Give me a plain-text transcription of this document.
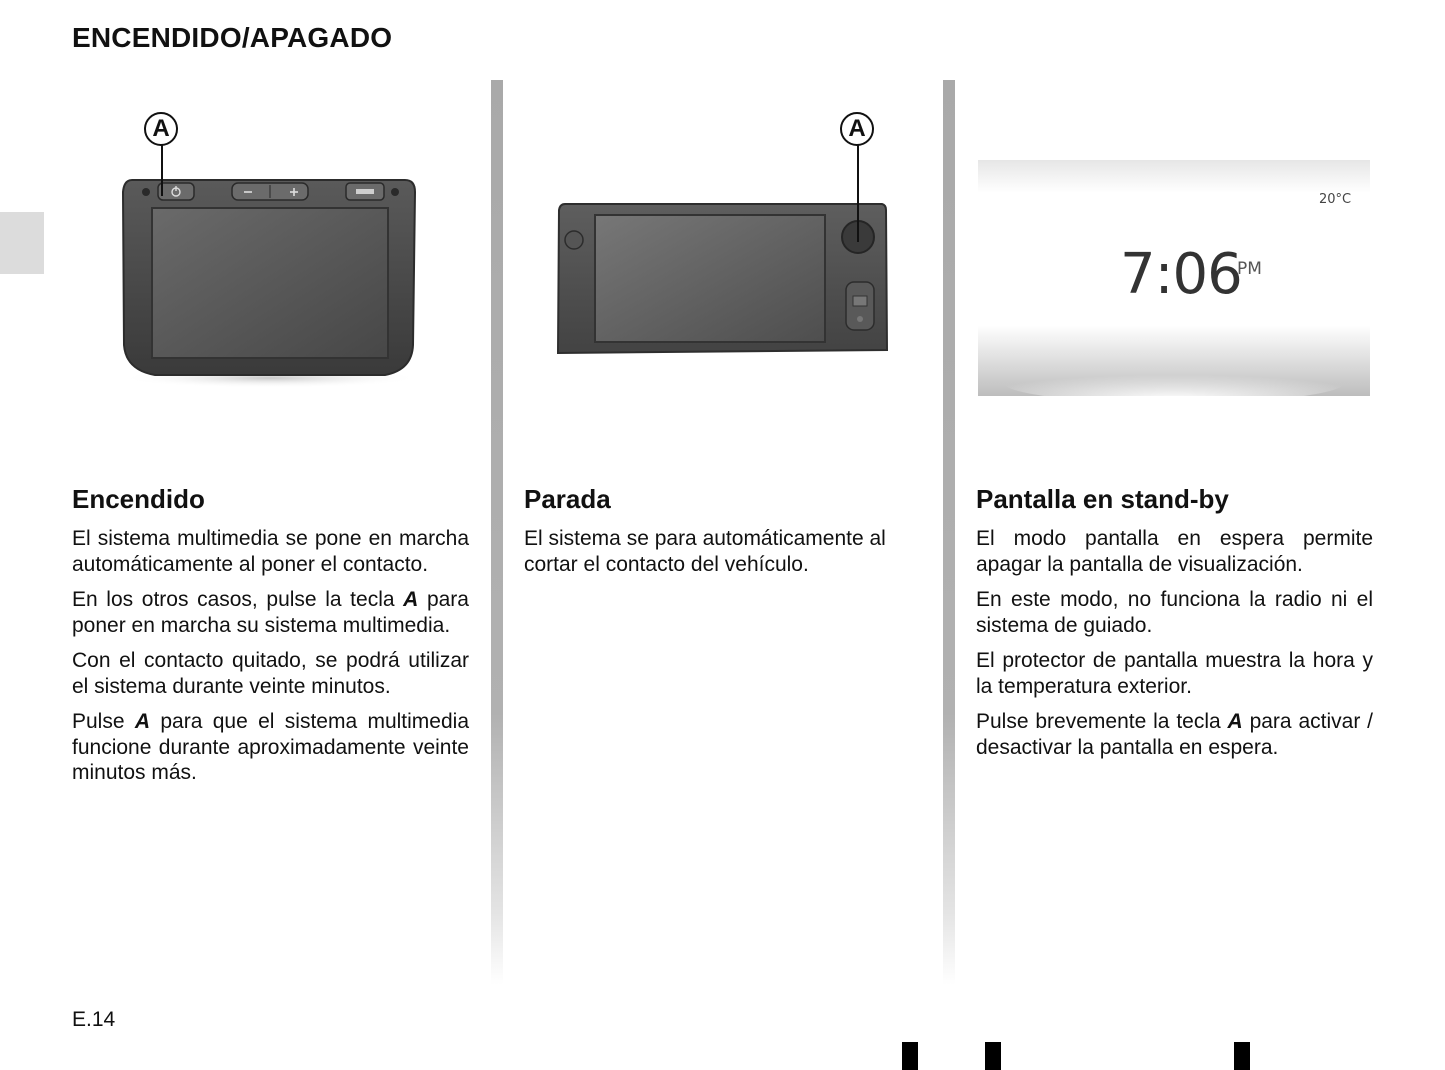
ENCENDIDO/APAGADO
A	A
20°C
7:06
PM
Encendido

El sistema multimedia se pone en marcha automáticamente al poner el contacto.

En los otros casos, pulse la tecla A para poner en marcha su sistema multimedia.

Con el contacto quitado, se podrá utilizar el sistema durante veinte minutos.

Pulse A para que el sistema multimedia funcione durante aproximadamente veinte minutos más.

Parada

El sistema se para automáticamente al cortar el contacto del vehículo.

Pantalla en stand-by

El modo pantalla en espera permite apagar la pantalla de visualización.

En este modo, no funciona la radio ni el sistema de guiado.

El protector de pantalla muestra la hora y la temperatura exterior.

Pulse brevemente la tecla A para activar / desactivar la pantalla en espera.

E.14
